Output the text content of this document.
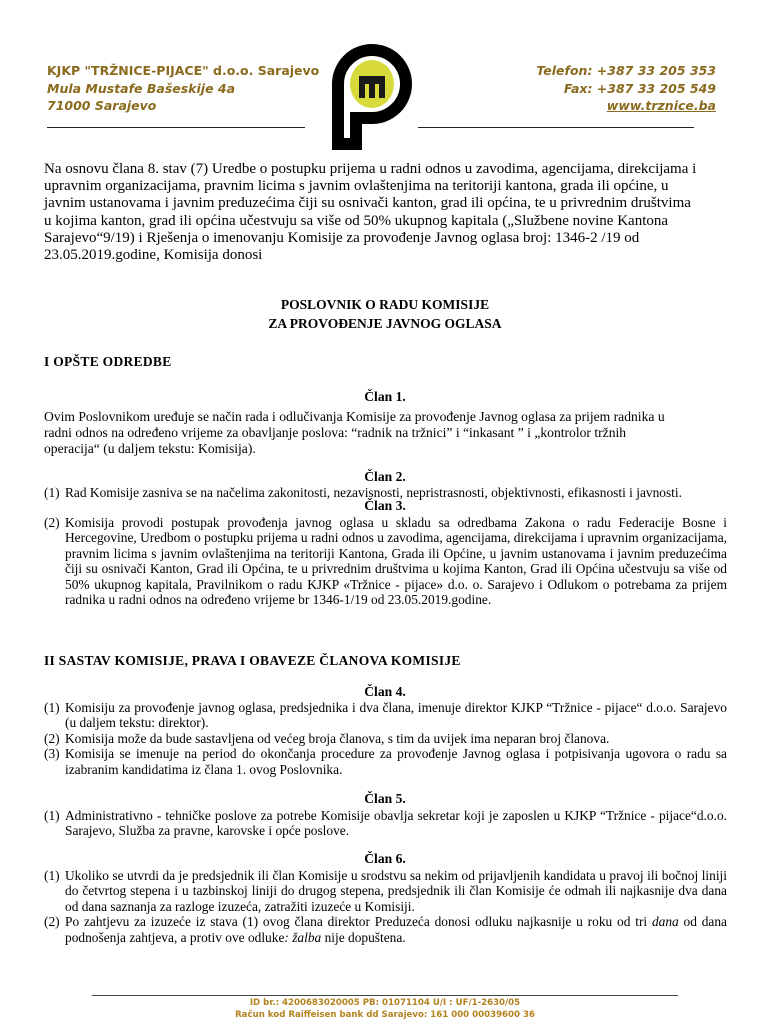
KJKP "TRŽNICE-PIJACE" d.o.o. Sarajevo
Mula Mustafe Bašeskije 4a
71000 Sarajevo
Telefon: +387 33 205 353
Fax: +387 33 205 549
www.trznice.ba
Na osnovu člana 8. stav (7) Uredbe o postupku prijema u radni odnos u zavodima, agencijama, direkcijama i
upravnim organizacijama, pravnim licima s javnim ovlaštenjima na teritoriji kantona, grada ili općine, u
javnim ustanovama i javnim preduzećima čiji su osnivači kanton, grad ili općina, te u privrednim društvima
u kojima kanton, grad ili općina učestvuju sa više od 50% ukupnog kapitala („Službene novine Kantona
Sarajevo“9/19) i Rješenja o imenovanju Komisije za provođenje Javnog oglasa broj: 1346-2 /19 od
23.05.2019.godine, Komisija donosi
POSLOVNIK O RADU KOMISIJE
ZA PROVOĐENJE JAVNOG OGLASA
I OPŠTE ODREDBE
Član 1.
Ovim Poslovnikom uređuje se način rada i odlučivanja Komisije za provođenje Javnog oglasa za prijem radnika u
radni odnos na određeno vrijeme za obavljanje poslova: “radnik na tržnici” i “inkasant ” i „kontrolor tržnih
operacija“ (u daljem tekstu: Komisija).
Član 2.
(1) Rad Komisije zasniva se na načelima zakonitosti, nezavisnosti, nepristrasnosti, objektivnosti, efikasnosti i javnosti.
Član 3.
(2) Komisija provodi postupak provođenja javnog oglasa u skladu sa odredbama Zakona o radu Federacije Bosne i Hercegovine, Uredbom o postupku prijema u radni odnos u zavodima, agencijama, direkcijama i upravnim organizacijama, pravnim licima s javnim ovlaštenjima na teritoriji Kantona, Grada ili Općine, u javnim ustanovama i javnim preduzećima čiji su osnivači Kanton, Grad ili Općina, te u privrednim društvima u kojima Kanton, Grad ili Općina učestvuju sa više od 50% ukupnog kapitala, Pravilnikom o radu KJKP «Tržnice - pijace» d.o. o. Sarajevo i Odlukom o potrebama za prijem radnika u radni odnos na određeno vrijeme br 1346-1/19 od 23.05.2019.godine.
II SASTAV KOMISIJE, PRAVA I OBAVEZE ČLANOVA KOMISIJE
Član 4.
(1) Komisiju za provođenje javnog oglasa, predsjednika i dva člana, imenuje direktor KJKP “Tržnice - pijace“ d.o.o. Sarajevo (u daljem tekstu: direktor).
(2) Komisija može da bude sastavljena od većeg broja članova, s tim da uvijek ima neparan broj članova.
(3) Komisija se imenuje na period do okončanja procedure za provođenje Javnog oglasa i potpisivanja ugovora o radu sa izabranim kandidatima iz člana 1. ovog Poslovnika.
Član 5.
(1) Administrativno - tehničke poslove za potrebe Komisije obavlja sekretar koji je zaposlen u KJKP “Tržnice - pijace“d.o.o. Sarajevo, Služba za pravne, karovske i opće poslove.
Član 6.
(1) Ukoliko se utvrdi da je predsjednik ili član Komisije u srodstvu sa nekim od prijavljenih kandidata u pravoj ili bočnoj liniji do četvrtog stepena i u tazbinskoj liniji do drugog stepena, predsjednik ili član Komisije će odmah ili najkasnije dva dana od dana saznanja za razloge izuzeća, zatražiti izuzeće u Komisiji.
(2) Po zahtjevu za izuzeće iz stava (1) ovog člana direktor Preduzeća donosi odluku najkasnije u roku od tri dana od dana podnošenja zahtjeva, a protiv ove odluke: žalba nije dopuštena.
ID br.: 4200683020005 PB: 01071104 U/I : UF/1-2630/05
Račun kod Raiffeisen bank dd Sarajevo: 161 000 00039600 36
